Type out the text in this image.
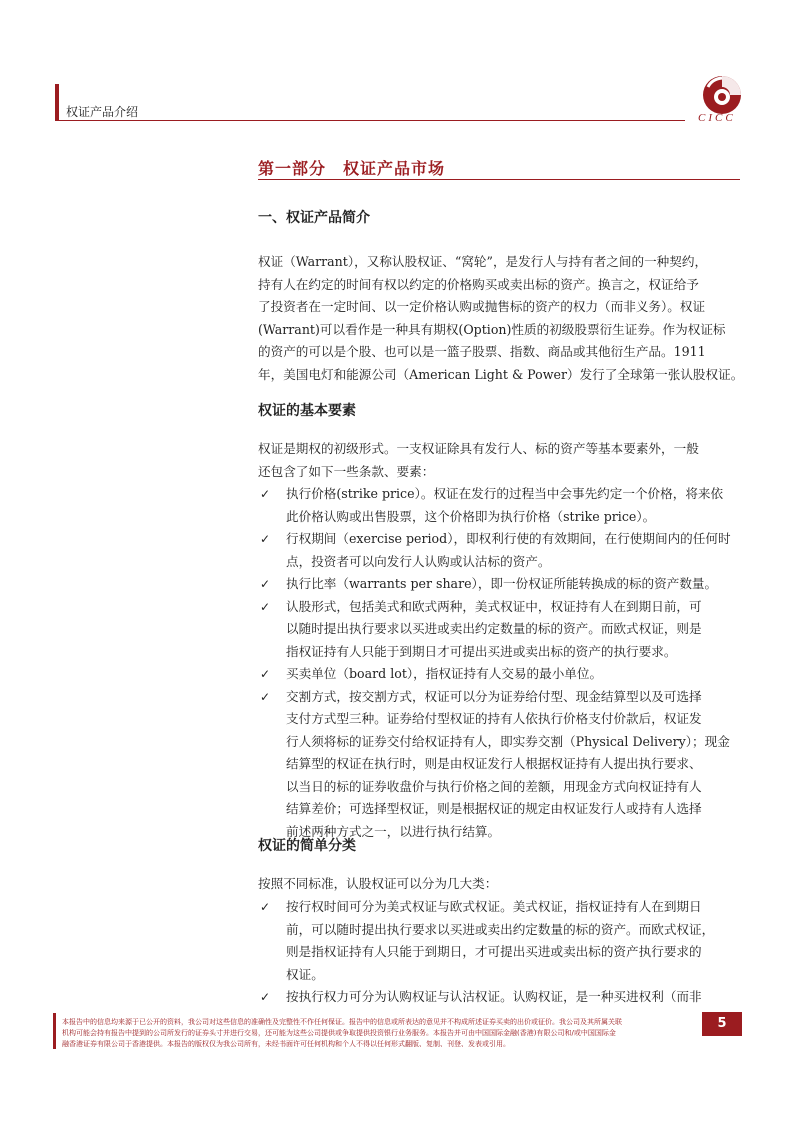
权证产品介绍	CICC
第一部分　权证产品市场
一、权证产品简介

权证（Warrant），又称认股权证、“窝轮”，是发行人与持有者之间的一种契约，
持有人在约定的时间有权以约定的价格购买或卖出标的资产。换言之，权证给予
了投资者在一定时间、以一定价格认购或抛售标的资产的权力（而非义务）。权证
(Warrant)可以看作是一种具有期权(Option)性质的初级股票衍生证券。作为权证标
的资产的可以是个股、也可以是一篮子股票、指数、商品或其他衍生产品。1911
年，美国电灯和能源公司（American Light & Power）发行了全球第一张认股权证。

权证的基本要素

权证是期权的初级形式。一支权证除具有发行人、标的资产等基本要素外，一般
还包含了如下一些条款、要素：

✓ 执行价格(strike price）。权证在发行的过程当中会事先约定一个价格，将来依
此价格认购或出售股票，这个价格即为执行价格（strike price）。
✓ 行权期间（exercise period），即权利行使的有效期间，在行使期间内的任何时
点，投资者可以向发行人认购或认沽标的资产。
✓ 执行比率（warrants per share），即一份权证所能转换成的标的资产数量。
✓ 认股形式，包括美式和欧式两种，美式权证中，权证持有人在到期日前，可
以随时提出执行要求以买进或卖出约定数量的标的资产。而欧式权证，则是
指权证持有人只能于到期日才可提出买进或卖出标的资产的执行要求。
✓ 买卖单位（board lot），指权证持有人交易的最小单位。
✓ 交割方式，按交割方式，权证可以分为证券给付型、现金结算型以及可选择
支付方式型三种。证券给付型权证的持有人依执行价格支付价款后，权证发
行人须将标的证券交付给权证持有人，即实券交割（Physical Delivery）；现金
结算型的权证在执行时，则是由权证发行人根据权证持有人提出执行要求、
以当日的标的证券收盘价与执行价格之间的差额，用现金方式向权证持有人
结算差价；可选择型权证，则是根据权证的规定由权证发行人或持有人选择
前述两种方式之一，以进行执行结算。
权证的简单分类

按照不同标准，认股权证可以分为几大类：

✓ 按行权时间可分为美式权证与欧式权证。美式权证，指权证持有人在到期日
前，可以随时提出执行要求以买进或卖出约定数量的标的资产。而欧式权证，
则是指权证持有人只能于到期日，才可提出买进或卖出标的资产执行要求的
权证。
✓ 按执行权力可分为认购权证与认沽权证。认购权证，是一种买进权利（而非
本报告中的信息均来源于已公开的资料，我公司对这些信息的准确性及完整性不作任何保证。报告中的信息或所表达的意见并不构成所述证券买卖的出价或征价。我公司及其所属关联
机构可能会持有报告中提到的公司所发行的证券头寸并进行交易，还可能为这些公司提供或争取提供投资银行业务服务。本报告并可由中国国际金融(香港)有限公司和/或中国国际金
融香港证券有限公司于香港提供。本报告的版权仅为我公司所有，未经书面许可任何机构和个人不得以任何形式翻版、复制、刊登、发表或引用。
5
